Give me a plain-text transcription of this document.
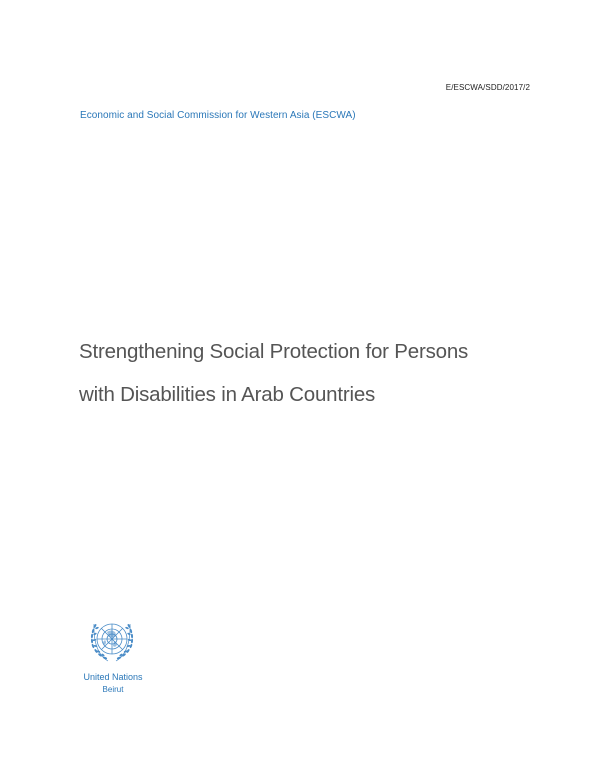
E/ESCWA/SDD/2017/2
Economic and Social Commission for Western Asia (ESCWA)
Strengthening Social Protection for Persons
with Disabilities in Arab Countries
United Nations
Beirut
